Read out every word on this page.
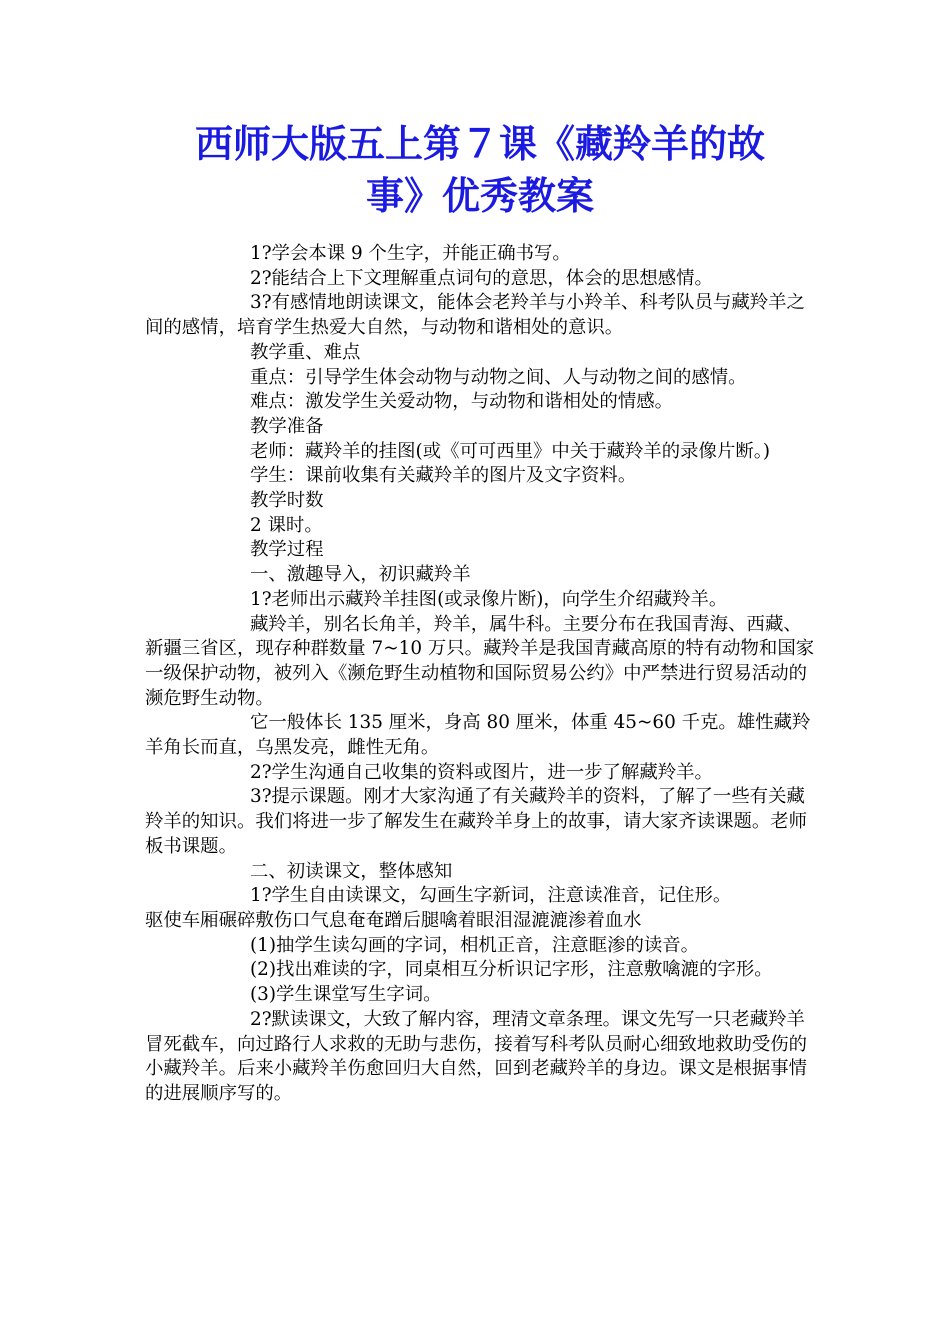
西师大版五上第７课《藏羚羊的故
事》优秀教案

1?学会本课 9 个生字，并能正确书写。

2?能结合上下文理解重点词句的意思，体会的思想感情。

3?有感情地朗读课文，能体会老羚羊与小羚羊、科考队员与藏羚羊之间的感情，培育学生热爱大自然，与动物和谐相处的意识。

教学重、难点

重点：引导学生体会动物与动物之间、人与动物之间的感情。

难点：激发学生关爱动物，与动物和谐相处的情感。

教学准备

老师：藏羚羊的挂图(或《可可西里》中关于藏羚羊的录像片断。)

学生：课前收集有关藏羚羊的图片及文字资料。

教学时数

2 课时。

教学过程

一、激趣导入，初识藏羚羊

1?老师出示藏羚羊挂图(或录像片断)，向学生介绍藏羚羊。

藏羚羊，别名长角羊，羚羊，属牛科。主要分布在我国青海、西藏、新疆三省区，现存种群数量 7~10 万只。藏羚羊是我国青藏高原的特有动物和国家一级保护动物，被列入《濒危野生动植物和国际贸易公约》中严禁进行贸易活动的濒危野生动物。

它一般体长 135 厘米，身高 80 厘米，体重 45~60 千克。雄性藏羚羊角长而直，乌黑发亮，雌性无角。

2?学生沟通自己收集的资料或图片，进一步了解藏羚羊。

3?提示课题。刚才大家沟通了有关藏羚羊的资料，了解了一些有关藏羚羊的知识。我们将进一步了解发生在藏羚羊身上的故事，请大家齐读课题。老师板书课题。

二、初读课文，整体感知

1?学生自由读课文，勾画生字新词，注意读准音，记住形。

驱使车厢碾碎敷伤口气息奄奄蹭后腿噙着眼泪湿漉漉渗着血水

(1)抽学生读勾画的字词，相机正音，注意眶渗的读音。

(2)找出难读的字，同桌相互分析识记字形，注意敷噙漉的字形。

(3)学生课堂写生字词。

2?默读课文，大致了解内容，理清文章条理。课文先写一只老藏羚羊冒死截车，向过路行人求救的无助与悲伤，接着写科考队员耐心细致地救助受伤的小藏羚羊。后来小藏羚羊伤愈回归大自然，回到老藏羚羊的身边。课文是根据事情的进展顺序写的。
